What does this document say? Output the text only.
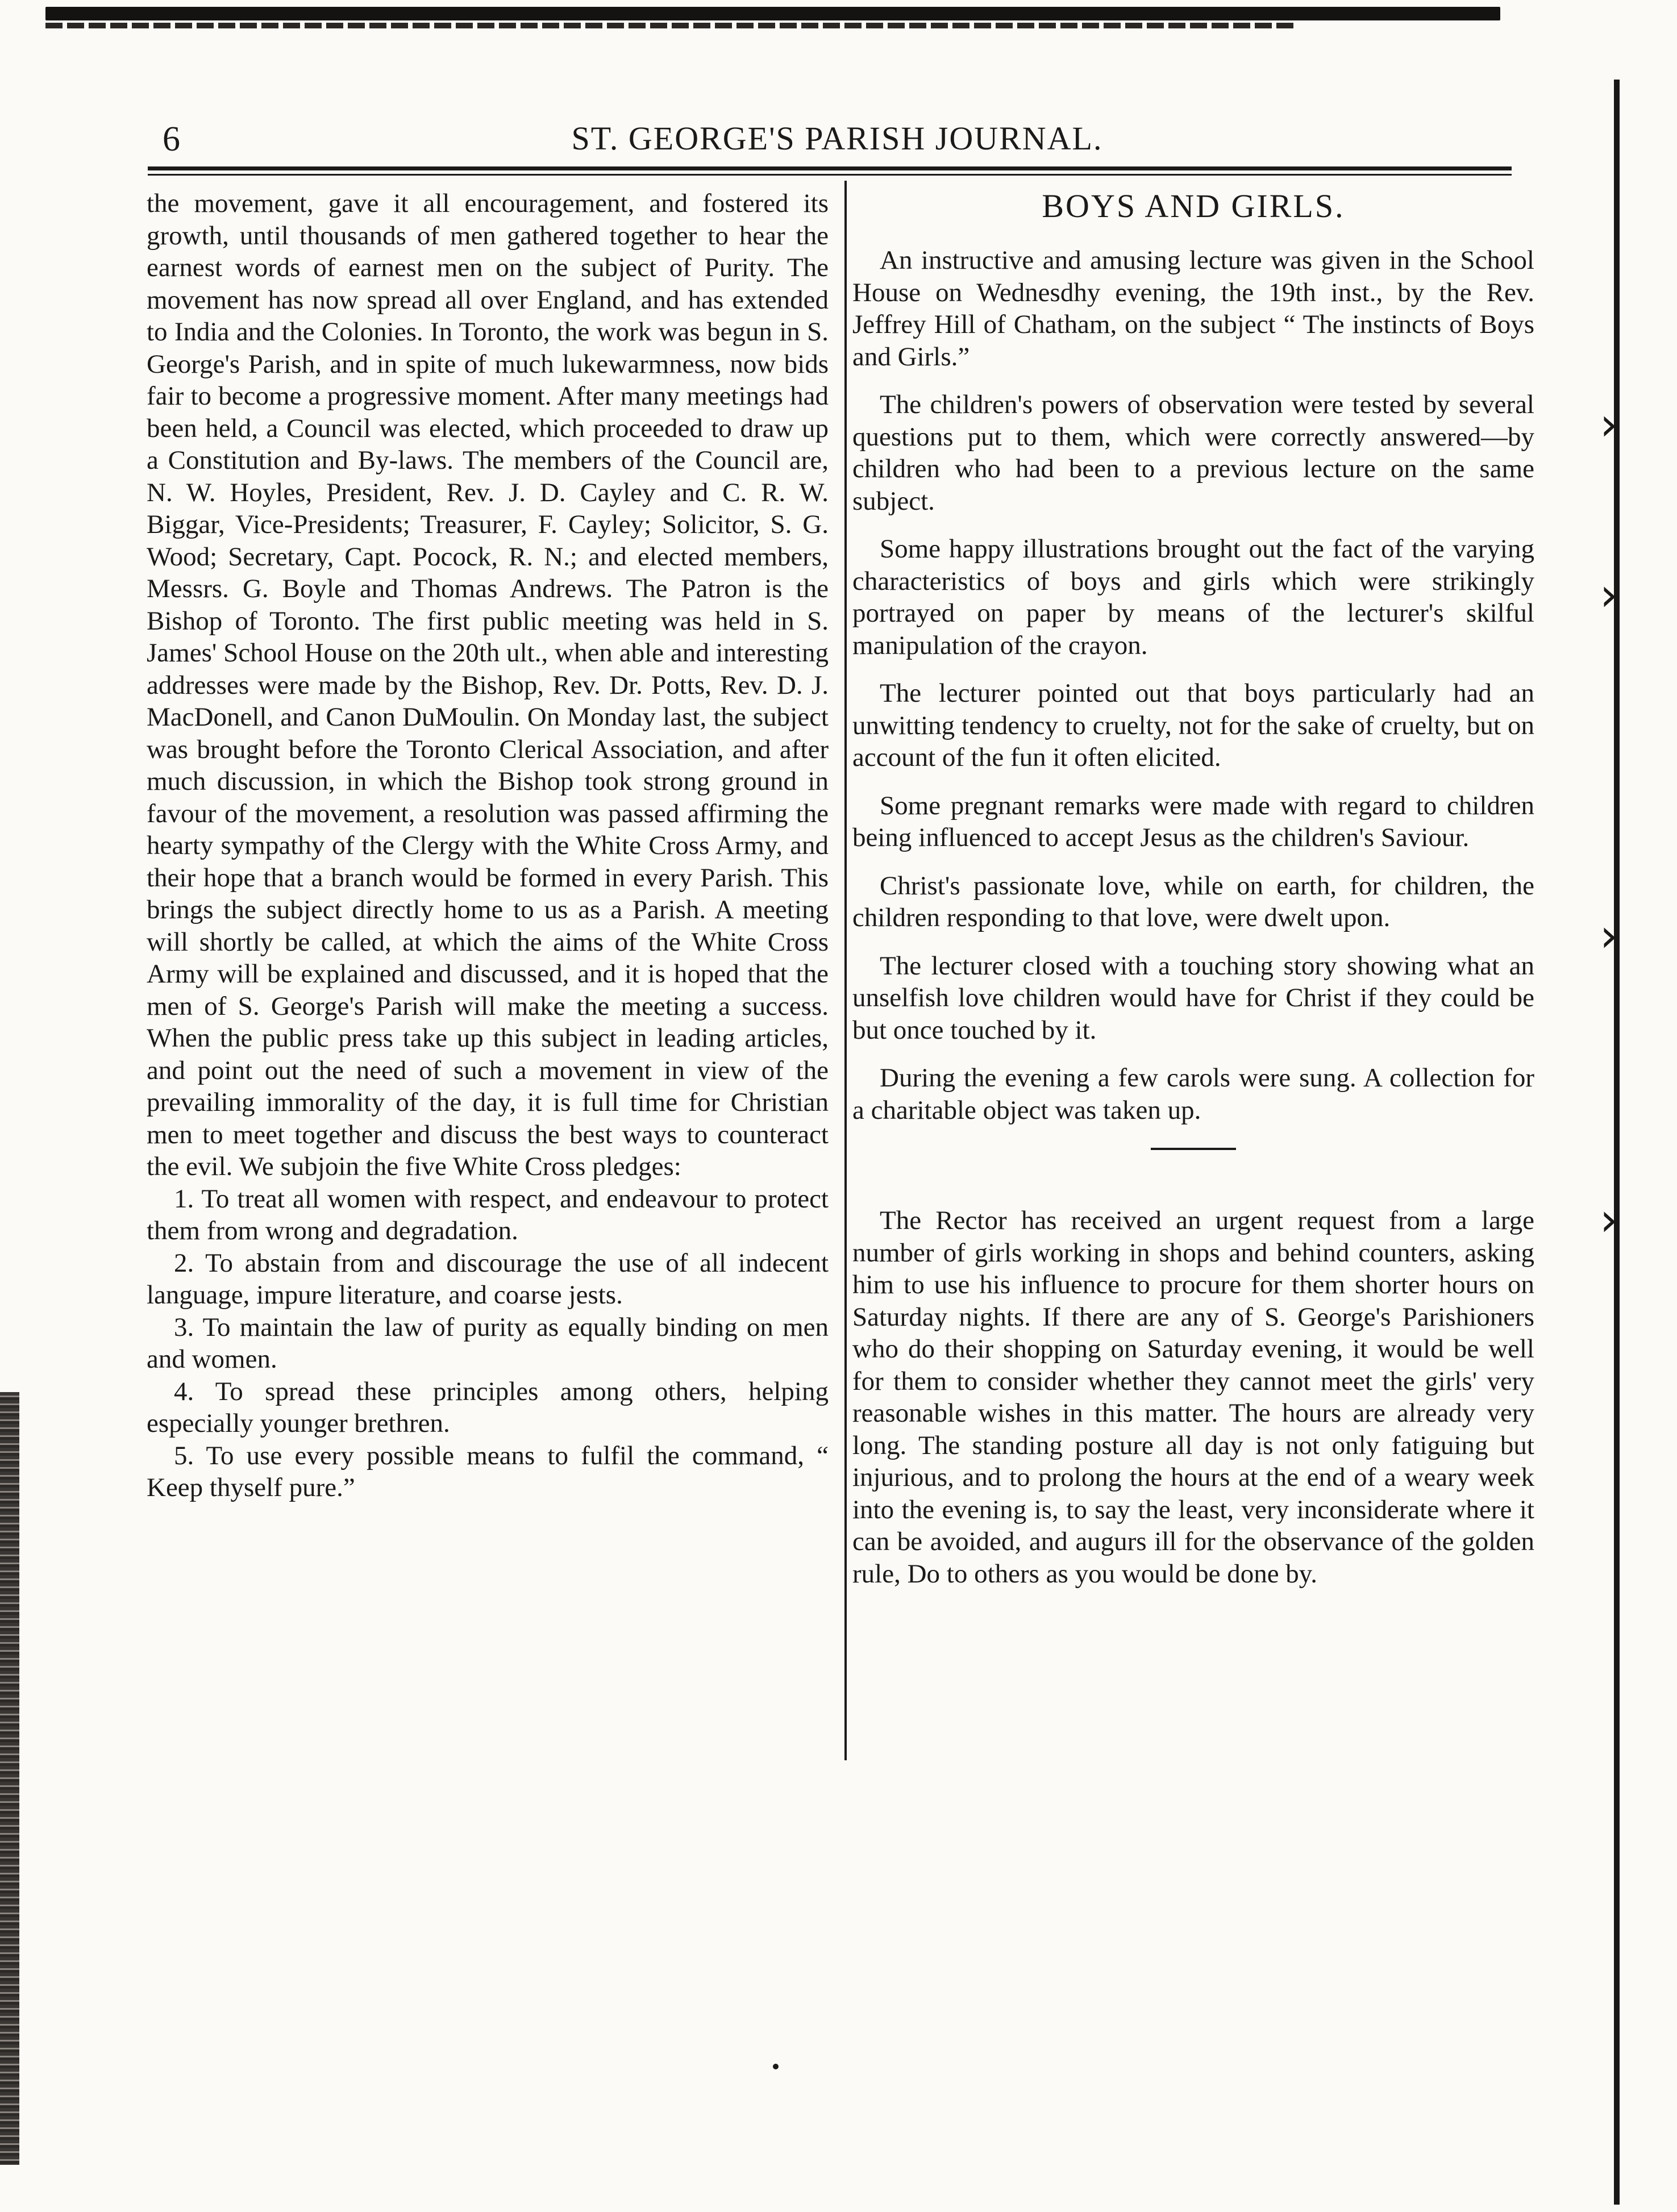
›
›
›
›
6	ST. GEORGE'S PARISH JOURNAL.

the movement, gave it all encouragement, and fostered its growth, until thousands of men gathered together to hear the earnest words of earnest men on the subject of Purity. The movement has now spread all over England, and has extended to India and the Colonies. In Toronto, the work was begun in S. George's Parish, and in spite of much lukewarmness, now bids fair to become a progressive moment. After many meetings had been held, a Council was elected, which proceeded to draw up a Constitution and By-laws. The members of the Council are, N. W. Hoyles, President, Rev. J. D. Cayley and C. R. W. Biggar, Vice-Presidents; Treasurer, F. Cayley; Solicitor, S. G. Wood; Secretary, Capt. Pocock, R. N.; and elected members, Messrs. G. Boyle and Thomas Andrews. The Patron is the Bishop of Toronto. The first public meeting was held in S. James' School House on the 20th ult., when able and interesting addresses were made by the Bishop, Rev. Dr. Potts, Rev. D. J. MacDonell, and Canon DuMoulin. On Monday last, the subject was brought before the Toronto Clerical Association, and after much discussion, in which the Bishop took strong ground in favour of the movement, a resolution was passed affirming the hearty sympathy of the Clergy with the White Cross Army, and their hope that a branch would be formed in every Parish. This brings the subject directly home to us as a Parish. A meeting will shortly be called, at which the aims of the White Cross Army will be explained and discussed, and it is hoped that the men of S. George's Parish will make the meeting a success. When the public press take up this subject in leading articles, and point out the need of such a movement in view of the prevailing immorality of the day, it is full time for Christian men to meet together and discuss the best ways to counteract the evil. We subjoin the five White Cross pledges:

1. To treat all women with respect, and endeavour to protect them from wrong and degradation.

2. To abstain from and discourage the use of all indecent language, impure literature, and coarse jests.

3. To maintain the law of purity as equally binding on men and women.

4. To spread these principles among others, helping especially younger brethren.

5. To use every possible means to fulfil the command, “ Keep thyself pure.”

BOYS AND GIRLS.

An instructive and amusing lecture was given in the School House on Wednesdhy evening, the 19th inst., by the Rev. Jeffrey Hill of Chatham, on the subject “ The instincts of Boys and Girls.”

The children's powers of observation were tested by several questions put to them, which were correctly answered—by children who had been to a previous lecture on the same subject.

Some happy illustrations brought out the fact of the varying characteristics of boys and girls which were strikingly portrayed on paper by means of the lecturer's skilful manipulation of the crayon.

The lecturer pointed out that boys particularly had an unwitting tendency to cruelty, not for the sake of cruelty, but on account of the fun it often elicited.

Some pregnant remarks were made with regard to children being influenced to accept Jesus as the children's Saviour.

Christ's passionate love, while on earth, for children, the children responding to that love, were dwelt upon.

The lecturer closed with a touching story showing what an unselfish love children would have for Christ if they could be but once touched by it.

During the evening a few carols were sung. A collection for a charitable object was taken up.

The Rector has received an urgent request from a large number of girls working in shops and behind counters, asking him to use his influence to procure for them shorter hours on Saturday nights. If there are any of S. George's Parishioners who do their shopping on Saturday evening, it would be well for them to consider whether they cannot meet the girls' very reasonable wishes in this matter. The hours are already very long. The standing posture all day is not only fatiguing but injurious, and to prolong the hours at the end of a weary week into the evening is, to say the least, very inconsiderate where it can be avoided, and augurs ill for the observance of the golden rule, Do to others as you would be done by.
